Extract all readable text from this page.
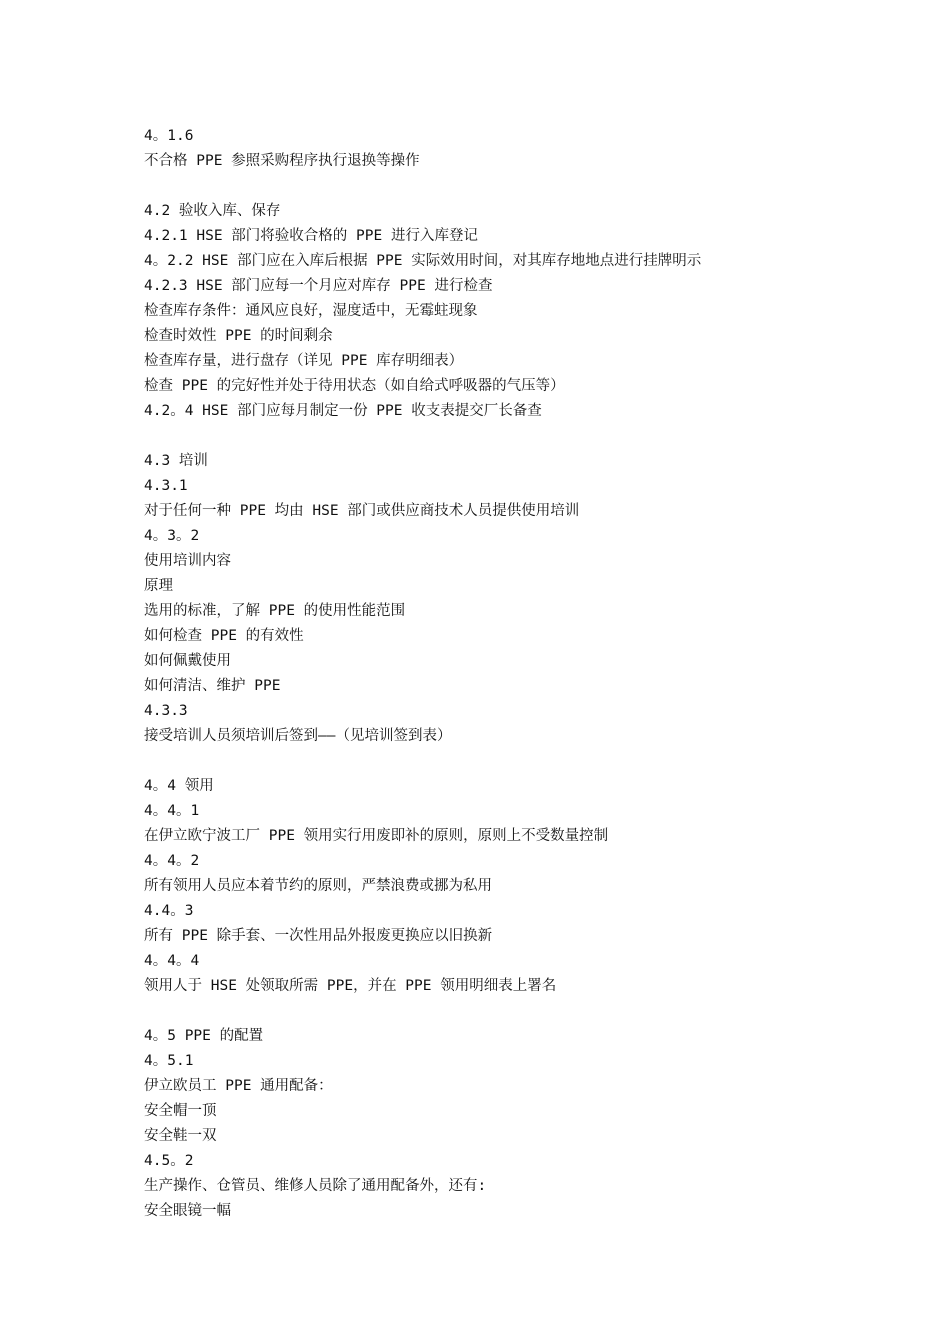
4。1.6
不合格 PPE 参照采购程序执行退换等操作
4.2 验收入库、保存
4.2.1 HSE 部门将验收合格的 PPE 进行入库登记
4。2.2 HSE 部门应在入库后根据 PPE 实际效用时间，对其库存地地点进行挂牌明示
4.2.3 HSE 部门应每一个月应对库存 PPE 进行检查
检查库存条件：通风应良好，湿度适中，无霉蛀现象
检查时效性 PPE 的时间剩余
检查库存量，进行盘存（详见 PPE 库存明细表）
检查 PPE 的完好性并处于待用状态（如自给式呼吸器的气压等）
4.2。4 HSE 部门应每月制定一份 PPE 收支表提交厂长备查
4.3 培训
4.3.1
对于任何一种 PPE 均由 HSE 部门或供应商技术人员提供使用培训
4。3。2
使用培训内容
原理
选用的标准，了解 PPE 的使用性能范围
如何检查 PPE 的有效性
如何佩戴使用
如何清洁、维护 PPE
4.3.3
接受培训人员须培训后签到——（见培训签到表）
4。4 领用
4。4。1
在伊立欧宁波工厂 PPE 领用实行用废即补的原则，原则上不受数量控制
4。4。2
所有领用人员应本着节约的原则，严禁浪费或挪为私用
4.4。3
所有 PPE 除手套、一次性用品外报废更换应以旧换新
4。4。4
领用人于 HSE 处领取所需 PPE，并在 PPE 领用明细表上署名
4。5 PPE 的配置
4。5.1
伊立欧员工 PPE 通用配备：
安全帽一顶
安全鞋一双
4.5。2
生产操作、仓管员、维修人员除了通用配备外，还有:
安全眼镜一幅
